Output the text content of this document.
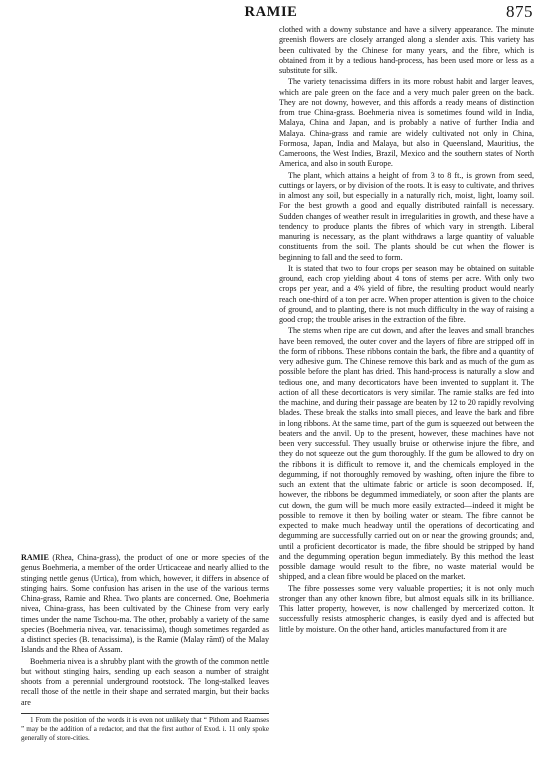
RAMIE	875

RAMIE (Rhea, China-grass), the product of one or more species of the genus Boehmeria, a member of the order Urticaceae and nearly allied to the stinging nettle genus (Urtica), from which, however, it differs in absence of stinging hairs. Some confusion has arisen in the use of the various terms China-grass, Ramie and Rhea. Two plants are concerned. One, Boehmeria nivea, China-grass, has been cultivated by the Chinese from very early times under the name Tschou-ma. The other, probably a variety of the same species (Boehmeria nivea, var. tenacissima), though sometimes regarded as a distinct species (B. tenacissima), is the Ramie (Malay rāmī) of the Malay Islands and the Rhea of Assam.

Boehmeria nivea is a shrubby plant with the growth of the common nettle but without stinging hairs, sending up each season a number of straight shoots from a perennial underground rootstock. The long-stalked leaves recall those of the nettle in their shape and serrated margin, but their backs are

1 From the position of the words it is even not unlikely that “ Pithom and Raamses ” may be the addition of a redactor, and that the first author of Exod. i. 11 only spoke generally of store-cities.

clothed with a downy substance and have a silvery appearance. The minute greenish flowers are closely arranged along a slender axis. This variety has been cultivated by the Chinese for many years, and the fibre, which is obtained from it by a tedious hand-process, has been used more or less as a substitute for silk.

The variety tenacissima differs in its more robust habit and larger leaves, which are pale green on the face and a very much paler green on the back. They are not downy, however, and this affords a ready means of distinction from true China-grass. Boehmeria nivea is sometimes found wild in India, Malaya, China and Japan, and is probably a native of further India and Malaya. China-grass and ramie are widely cultivated not only in China, Formosa, Japan, India and Malaya, but also in Queensland, Mauritius, the Cameroons, the West Indies, Brazil, Mexico and the southern states of North America, and also in south Europe.

The plant, which attains a height of from 3 to 8 ft., is grown from seed, cuttings or layers, or by division of the roots. It is easy to cultivate, and thrives in almost any soil, but especially in a naturally rich, moist, light, loamy soil. For the best growth a good and equally distributed rainfall is necessary. Sudden changes of weather result in irregularities in growth, and these have a tendency to produce plants the fibres of which vary in strength. Liberal manuring is necessary, as the plant withdraws a large quantity of valuable constituents from the soil. The plants should be cut when the flower is beginning to fall and the seed to form.

It is stated that two to four crops per season may be obtained on suitable ground, each crop yielding about 4 tons of stems per acre. With only two crops per year, and a 4% yield of fibre, the resulting product would nearly reach one-third of a ton per acre. When proper attention is given to the choice of ground, and to planting, there is not much difficulty in the way of raising a good crop; the trouble arises in the extraction of the fibre.

The stems when ripe are cut down, and after the leaves and small branches have been removed, the outer cover and the layers of fibre are stripped off in the form of ribbons. These ribbons contain the bark, the fibre and a quantity of very adhesive gum. The Chinese remove this bark and as much of the gum as possible before the plant has dried. This hand-process is naturally a slow and tedious one, and many decorticators have been invented to supplant it. The action of all these decorticators is very similar. The ramie stalks are fed into the machine, and during their passage are beaten by 12 to 20 rapidly revolving blades. These break the stalks into small pieces, and leave the bark and fibre in long ribbons. At the same time, part of the gum is squeezed out between the beaters and the anvil. Up to the present, however, these machines have not been very successful. They usually bruise or otherwise injure the fibre, and they do not squeeze out the gum thoroughly. If the gum be allowed to dry on the ribbons it is difficult to remove it, and the chemicals employed in the degumming, if not thoroughly removed by washing, often injure the fibre to such an extent that the ultimate fabric or article is soon decomposed. If, however, the ribbons be degummed immediately, or soon after the plants are cut down, the gum will be much more easily extracted—indeed it might be possible to remove it then by boiling water or steam. The fibre cannot be expected to make much headway until the operations of decorticating and degumming are successfully carried out on or near the growing grounds; and, until a proficient decorticator is made, the fibre should be stripped by hand and the degumming operation begun immediately. By this method the least possible damage would result to the fibre, no waste material would be shipped, and a clean fibre would be placed on the market.

The fibre possesses some very valuable properties; it is not only much stronger than any other known fibre, but almost equals silk in its brilliance. This latter property, however, is now challenged by mercerized cotton. It successfully resists atmospheric changes, is easily dyed and is affected but little by moisture. On the other hand, articles manufactured from it are
